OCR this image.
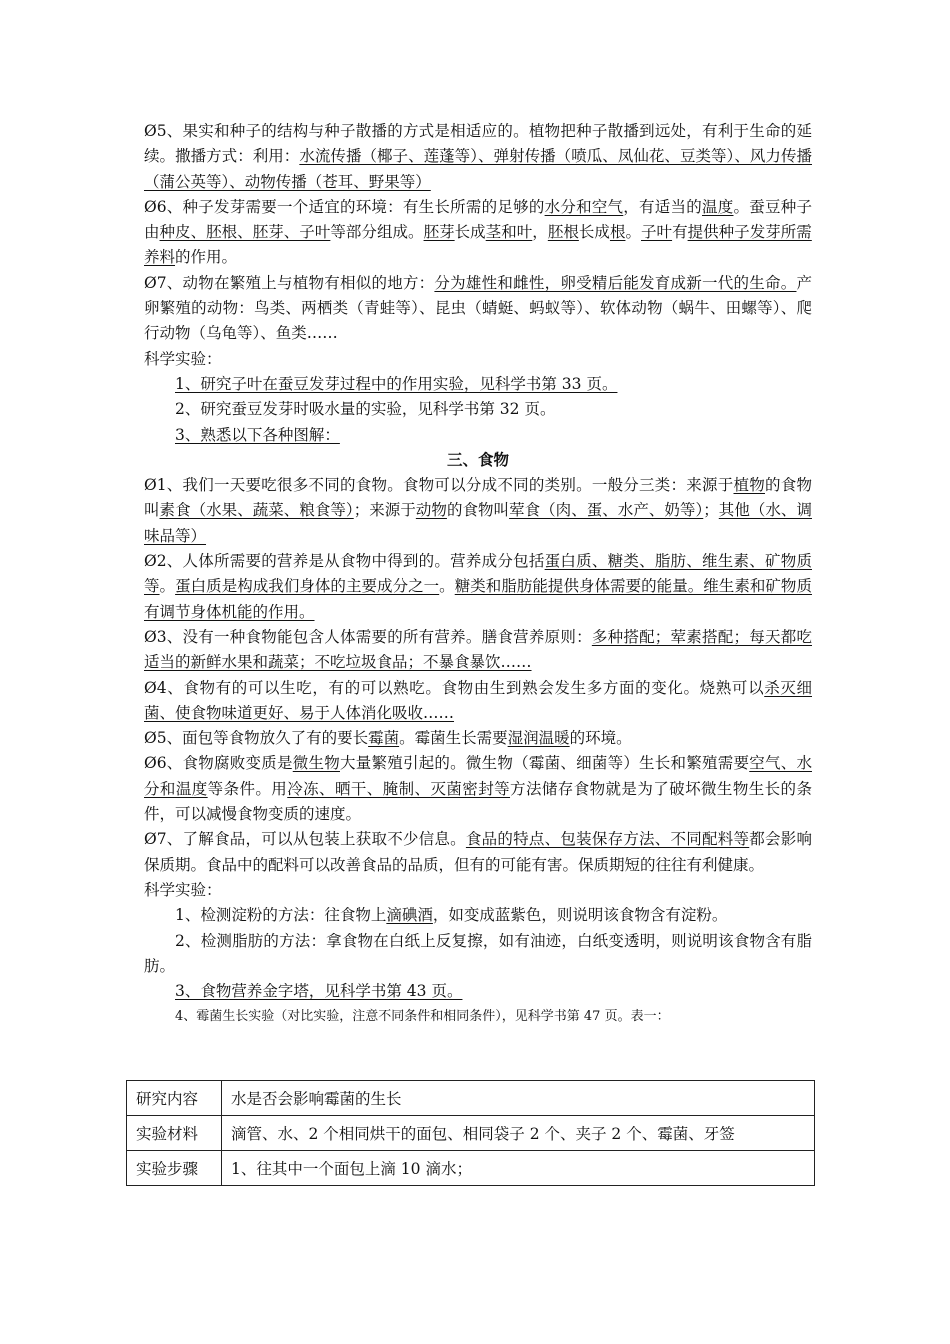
Ø5、果实和种子的结构与种子散播的方式是相适应的。植物把种子散播到远处，有利于生命的延续。撒播方式：利用：水流传播（椰子、莲蓬等）、弹射传播（喷瓜、凤仙花、豆类等）、风力传播（蒲公英等）、动物传播（苍耳、野果等）

Ø6、种子发芽需要一个适宜的环境：有生长所需的足够的水分和空气，有适当的温度。蚕豆种子由种皮、胚根、胚芽、子叶等部分组成。胚芽长成茎和叶，胚根长成根。子叶有提供种子发芽所需养料的作用。

Ø7、动物在繁殖上与植物有相似的地方：分为雄性和雌性，卵受精后能发育成新一代的生命。产卵繁殖的动物：鸟类、两栖类（青蛙等）、昆虫（蜻蜓、蚂蚁等）、软体动物（蜗牛、田螺等）、爬行动物（乌龟等）、鱼类……

科学实验：

1、研究子叶在蚕豆发芽过程中的作用实验，见科学书第 33 页。

2、研究蚕豆发芽时吸水量的实验，见科学书第 32 页。

3、熟悉以下各种图解：

三、食物

Ø1、我们一天要吃很多不同的食物。食物可以分成不同的类别。一般分三类：来源于植物的食物叫素食（水果、蔬菜、粮食等）；来源于动物的食物叫荤食（肉、蛋、水产、奶等）；其他（水、调味品等）

Ø2、人体所需要的营养是从食物中得到的。营养成分包括蛋白质、糖类、脂肪、维生素、矿物质等。蛋白质是构成我们身体的主要成分之一。糖类和脂肪能提供身体需要的能量。维生素和矿物质有调节身体机能的作用。

Ø3、没有一种食物能包含人体需要的所有营养。膳食营养原则：多种搭配；荤素搭配；每天都吃适当的新鲜水果和蔬菜；不吃垃圾食品；不暴食暴饮……

Ø4、食物有的可以生吃，有的可以熟吃。食物由生到熟会发生多方面的变化。烧熟可以杀灭细菌、使食物味道更好、易于人体消化吸收……

Ø5、面包等食物放久了有的要长霉菌。霉菌生长需要湿润温暖的环境。

Ø6、食物腐败变质是微生物大量繁殖引起的。微生物（霉菌、细菌等）生长和繁殖需要空气、水分和温度等条件。用冷冻、晒干、腌制、灭菌密封等方法储存食物就是为了破坏微生物生长的条件，可以减慢食物变质的速度。

Ø7、了解食品，可以从包装上获取不少信息。食品的特点、包装保存方法、不同配料等都会影响保质期。食品中的配料可以改善食品的品质，但有的可能有害。保质期短的往往有利健康。

科学实验：

1、检测淀粉的方法：往食物上滴碘酒，如变成蓝紫色，则说明该食物含有淀粉。

2、检测脂肪的方法：拿食物在白纸上反复擦，如有油迹，白纸变透明，则说明该食物含有脂肪。

3、食物营养金字塔，见科学书第 43 页。

4、霉菌生长实验（对比实验，注意不同条件和相同条件），见科学书第 47 页。表一：

研究内容	水是否会影响霉菌的生长
实验材料	滴管、水、2 个相同烘干的面包、相同袋子 2 个、夹子 2 个、霉菌、牙签
实验步骤	1、往其中一个面包上滴 10 滴水；
